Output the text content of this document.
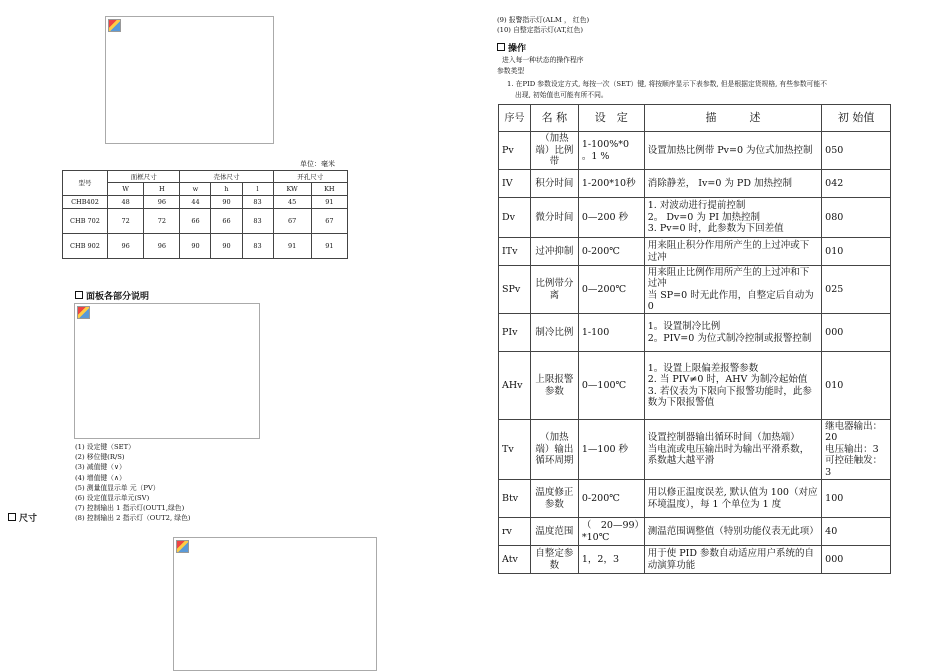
单位：毫米
型号	面框尺寸		壳体尺寸			开孔尺寸	
	W	H	w	h	l	KW	KH
CHB402	48	96	44	90	83	45	91
CHB 702	72	72	66	66	83	67	67
CHB 902	96	96	90	90	83	91	91
面板各部分说明
(1) 设定键（SET）
(2) 移位键(R/S)
(3) 减值键（∨）
(4) 增值键（∧）
(5) 测量值显示单 元（PV）
(6) 设定值显示单元(SV)
(7) 控制输出 1 指示灯(OUT1,绿色)
(8) 控制输出 2 指示灯（OUT2, 绿色)
尺寸
(9) 报警指示灯(ALM ， 红色)
(10) 自整定指示灯(AT,红色)
操作
进入每一种状态的操作程序
参数类型
1. 在PID 参数设定方式, 每按一次（SET）键, 将按顺序显示下表参数, 但是根据定货规格, 有些参数可能不
出现, 初始值也可能有所不同。
序号	名 称	设　定	描　　　述	初 始值
Pv	（加热端）比例带	1-100%*0 。1 %	设置加热比例带 Pv=0 为位式加热控制	050
IV	积分时间	1-200*10秒	消除静差， Iv=0 为 PD 加热控制	042
Dv	微分时间	0—200 秒	1. 对波动进行提前控制
2。 Dv=0 为 PI 加热控制
3. Pv=0 时，此参数为下回差值	080
ITv	过冲抑制	0-200℃	用来阻止积分作用所产生的上过冲或下过冲	010
SPv	比例带分离	0—200℃	用来阻止比例作用所产生的上过冲和下过冲
当 SP=0 时无此作用，自整定后自动为 0	025
PIv	制冷比例	1-100	1。设置制冷比例
2。PIV=0 为位式制冷控制或报警控制	000
AHv	上限报警
参数	0—100℃	1。设置上限偏差报警参数
2. 当 PIV≠0 时，AHV 为制冷起始值
3. 若仪表为下限向下报警功能时，此参数为下限报警值	010
Tv	（加热端）输出循环周期	1—100 秒	设置控制器输出循环时间（加热端）
当电流或电压输出时为输出平滑系数，系数越大越平滑	继电器输出：20
电压输出：3
可控硅触发：3
Btv	温度修正参数	0-200℃	用以修正温度误差, 默认值为 100（对应环境温度），每 1 个单位为 1 度	100
rv	温度范围	（　20—99）*10℃	测温范围调整值（特别功能仪表无此项）	40
Atv	自整定参数	1，2，3	用于使 PID 参数自动适应用户系统的自动演算功能	000
